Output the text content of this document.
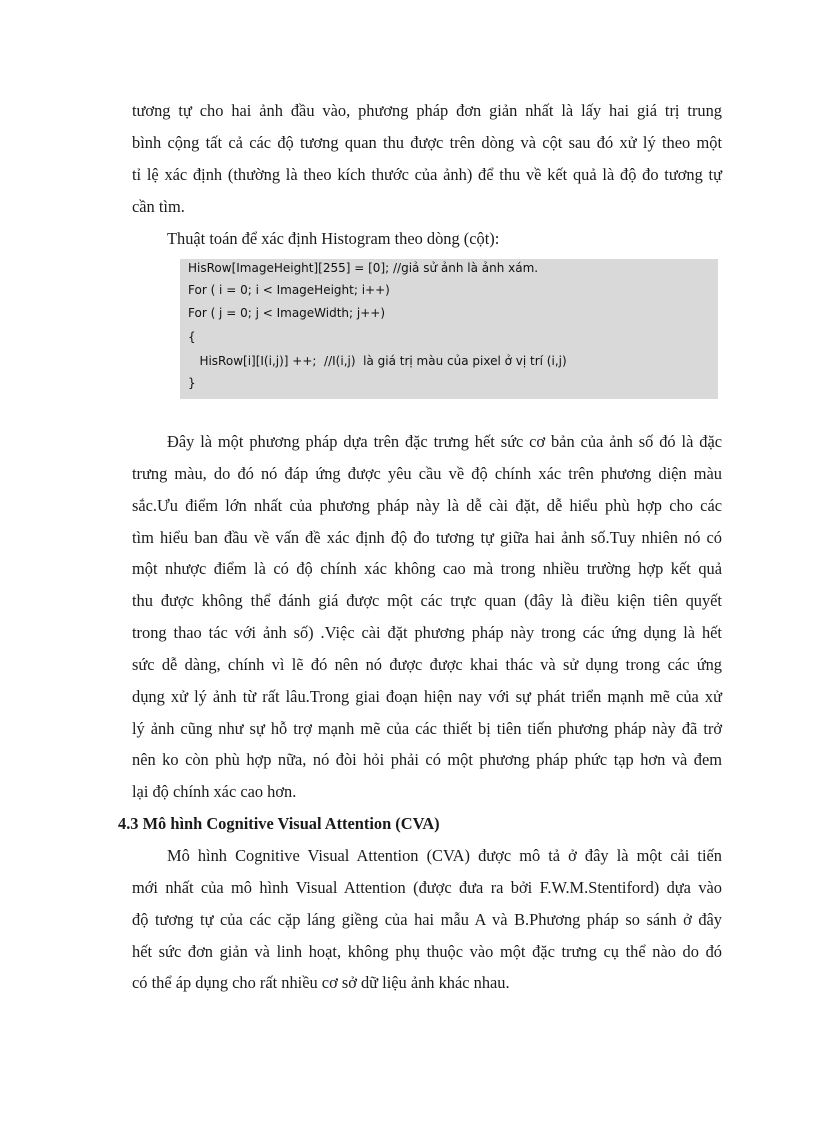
tương tự cho hai ảnh đầu vào, phương pháp đơn giản nhất là lấy hai giá trị trung
bình cộng tất cả các độ tương quan thu được trên dòng và cột sau đó xử lý theo một
tỉ lệ xác định (thường là theo kích thước của ảnh) để thu về kết quả là độ đo tương tự
cần tìm.
Thuật toán để xác định Histogram theo dòng (cột):
HisRow[ImageHeight][255] = [0]; //giả sử ảnh là ảnh xám.
For ( i = 0; i < ImageHeight; i++)
For ( j = 0; j < ImageWidth; j++)
{
HisRow[i][I(i,j)] ++;  //I(i,j)  là giá trị màu của pixel ở vị trí (i,j)
}
Đây là một phương pháp dựa trên đặc trưng hết sức cơ bản của ảnh số đó là đặc
trưng màu, do đó nó đáp ứng được yêu cầu về độ chính xác trên phương diện màu
sắc.Ưu điểm lớn nhất của phương pháp này là dễ cài đặt, dễ hiểu phù hợp cho các
tìm hiểu ban đầu về vấn đề xác định độ đo tương tự giữa hai ảnh số.Tuy nhiên nó có
một nhược điểm là có độ chính xác không cao mà trong nhiều trường hợp kết quả
thu được không thể đánh giá được một các trực quan (đây là điều kiện tiên quyết
trong thao tác với ảnh số) .Việc cài đặt phương pháp này trong các ứng dụng là hết
sức dễ dàng, chính vì lẽ đó nên nó được được khai thác và sử dụng trong các ứng
dụng xử lý ảnh từ rất lâu.Trong giai đoạn hiện nay với sự phát triển mạnh mẽ của xử
lý ảnh cũng như sự hỗ trợ mạnh mẽ của các thiết bị tiên tiến phương pháp này đã trở
nên ko còn phù hợp nữa, nó đòi hỏi phải có một phương pháp phức tạp hơn và đem
lại độ chính xác cao hơn.
4.3 Mô hình Cognitive Visual Attention (CVA)
Mô hình Cognitive Visual Attention (CVA) được mô tả ở đây là một cải tiến
mới nhất của mô hình Visual Attention (được đưa ra bởi F.W.M.Stentiford) dựa vào
độ tương tự của các cặp láng giềng của hai mẫu A và B.Phương pháp so sánh ở đây
hết sức đơn giản và linh hoạt, không phụ thuộc vào một đặc trưng cụ thể nào do đó
có thể áp dụng cho rất nhiều cơ sở dữ liệu ảnh khác nhau.
